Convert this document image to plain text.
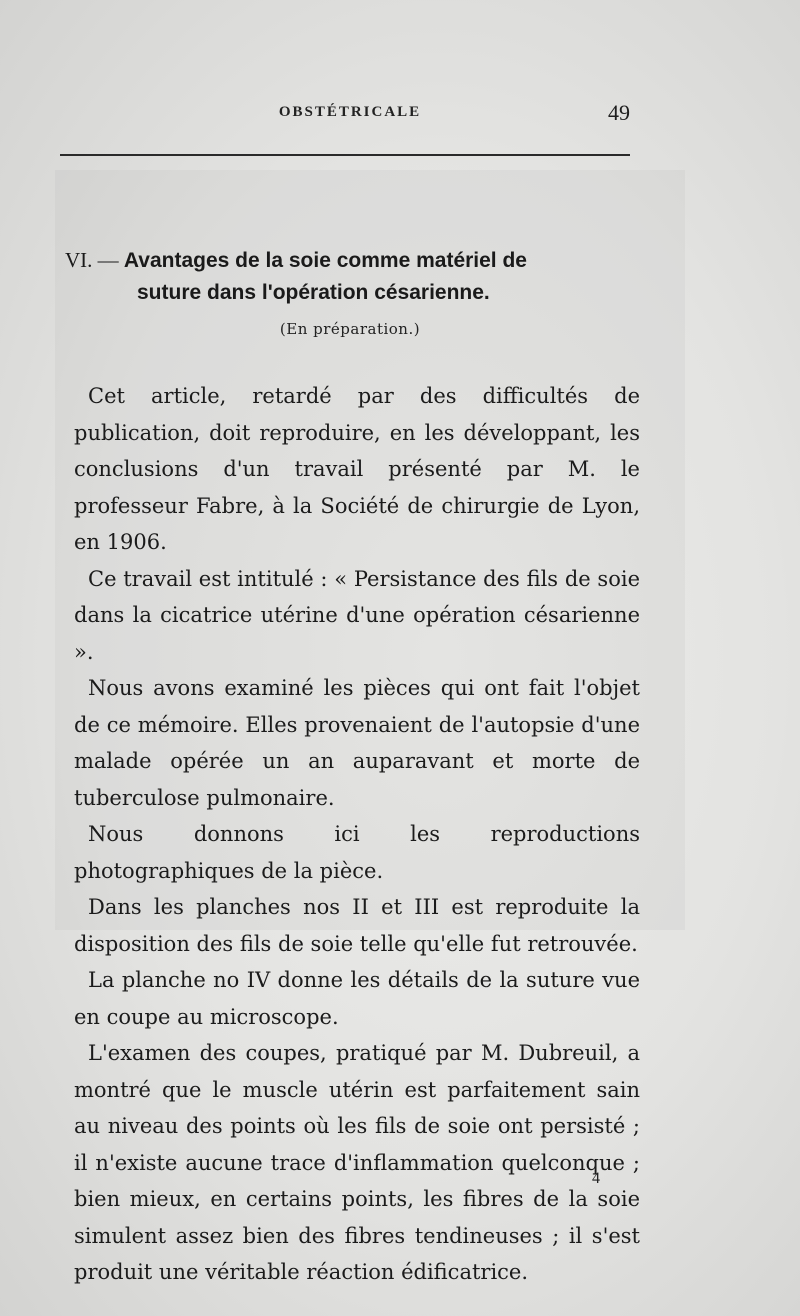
OBSTÉTRICALE	49
VI. — Avantages de la soie comme matériel de
suture dans l'opération césarienne.
(En préparation.)

Cet article, retardé par des difficultés de publication, doit reproduire, en les développant, les conclusions d'un travail présenté par M. le professeur Fabre, à la Société de chirurgie de Lyon, en 1906.

Ce travail est intitulé : « Persistance des fils de soie dans la cicatrice utérine d'une opération césarienne ».

Nous avons examiné les pièces qui ont fait l'objet de ce mémoire. Elles provenaient de l'autopsie d'une malade opérée un an auparavant et morte de tuberculose pulmonaire.

Nous donnons ici les reproductions photographiques de la pièce.

Dans les planches nos II et III est reproduite la disposition des fils de soie telle qu'elle fut retrouvée.

La planche no IV donne les détails de la suture vue en coupe au microscope.

L'examen des coupes, pratiqué par M. Dubreuil, a montré que le muscle utérin est parfaitement sain au niveau des points où les fils de soie ont persisté ; il n'existe aucune trace d'inflammation quelconque ; bien mieux, en certains points, les fibres de la soie simulent assez bien des fibres tendineuses ; il s'est produit une véritable réaction édificatrice.

4
